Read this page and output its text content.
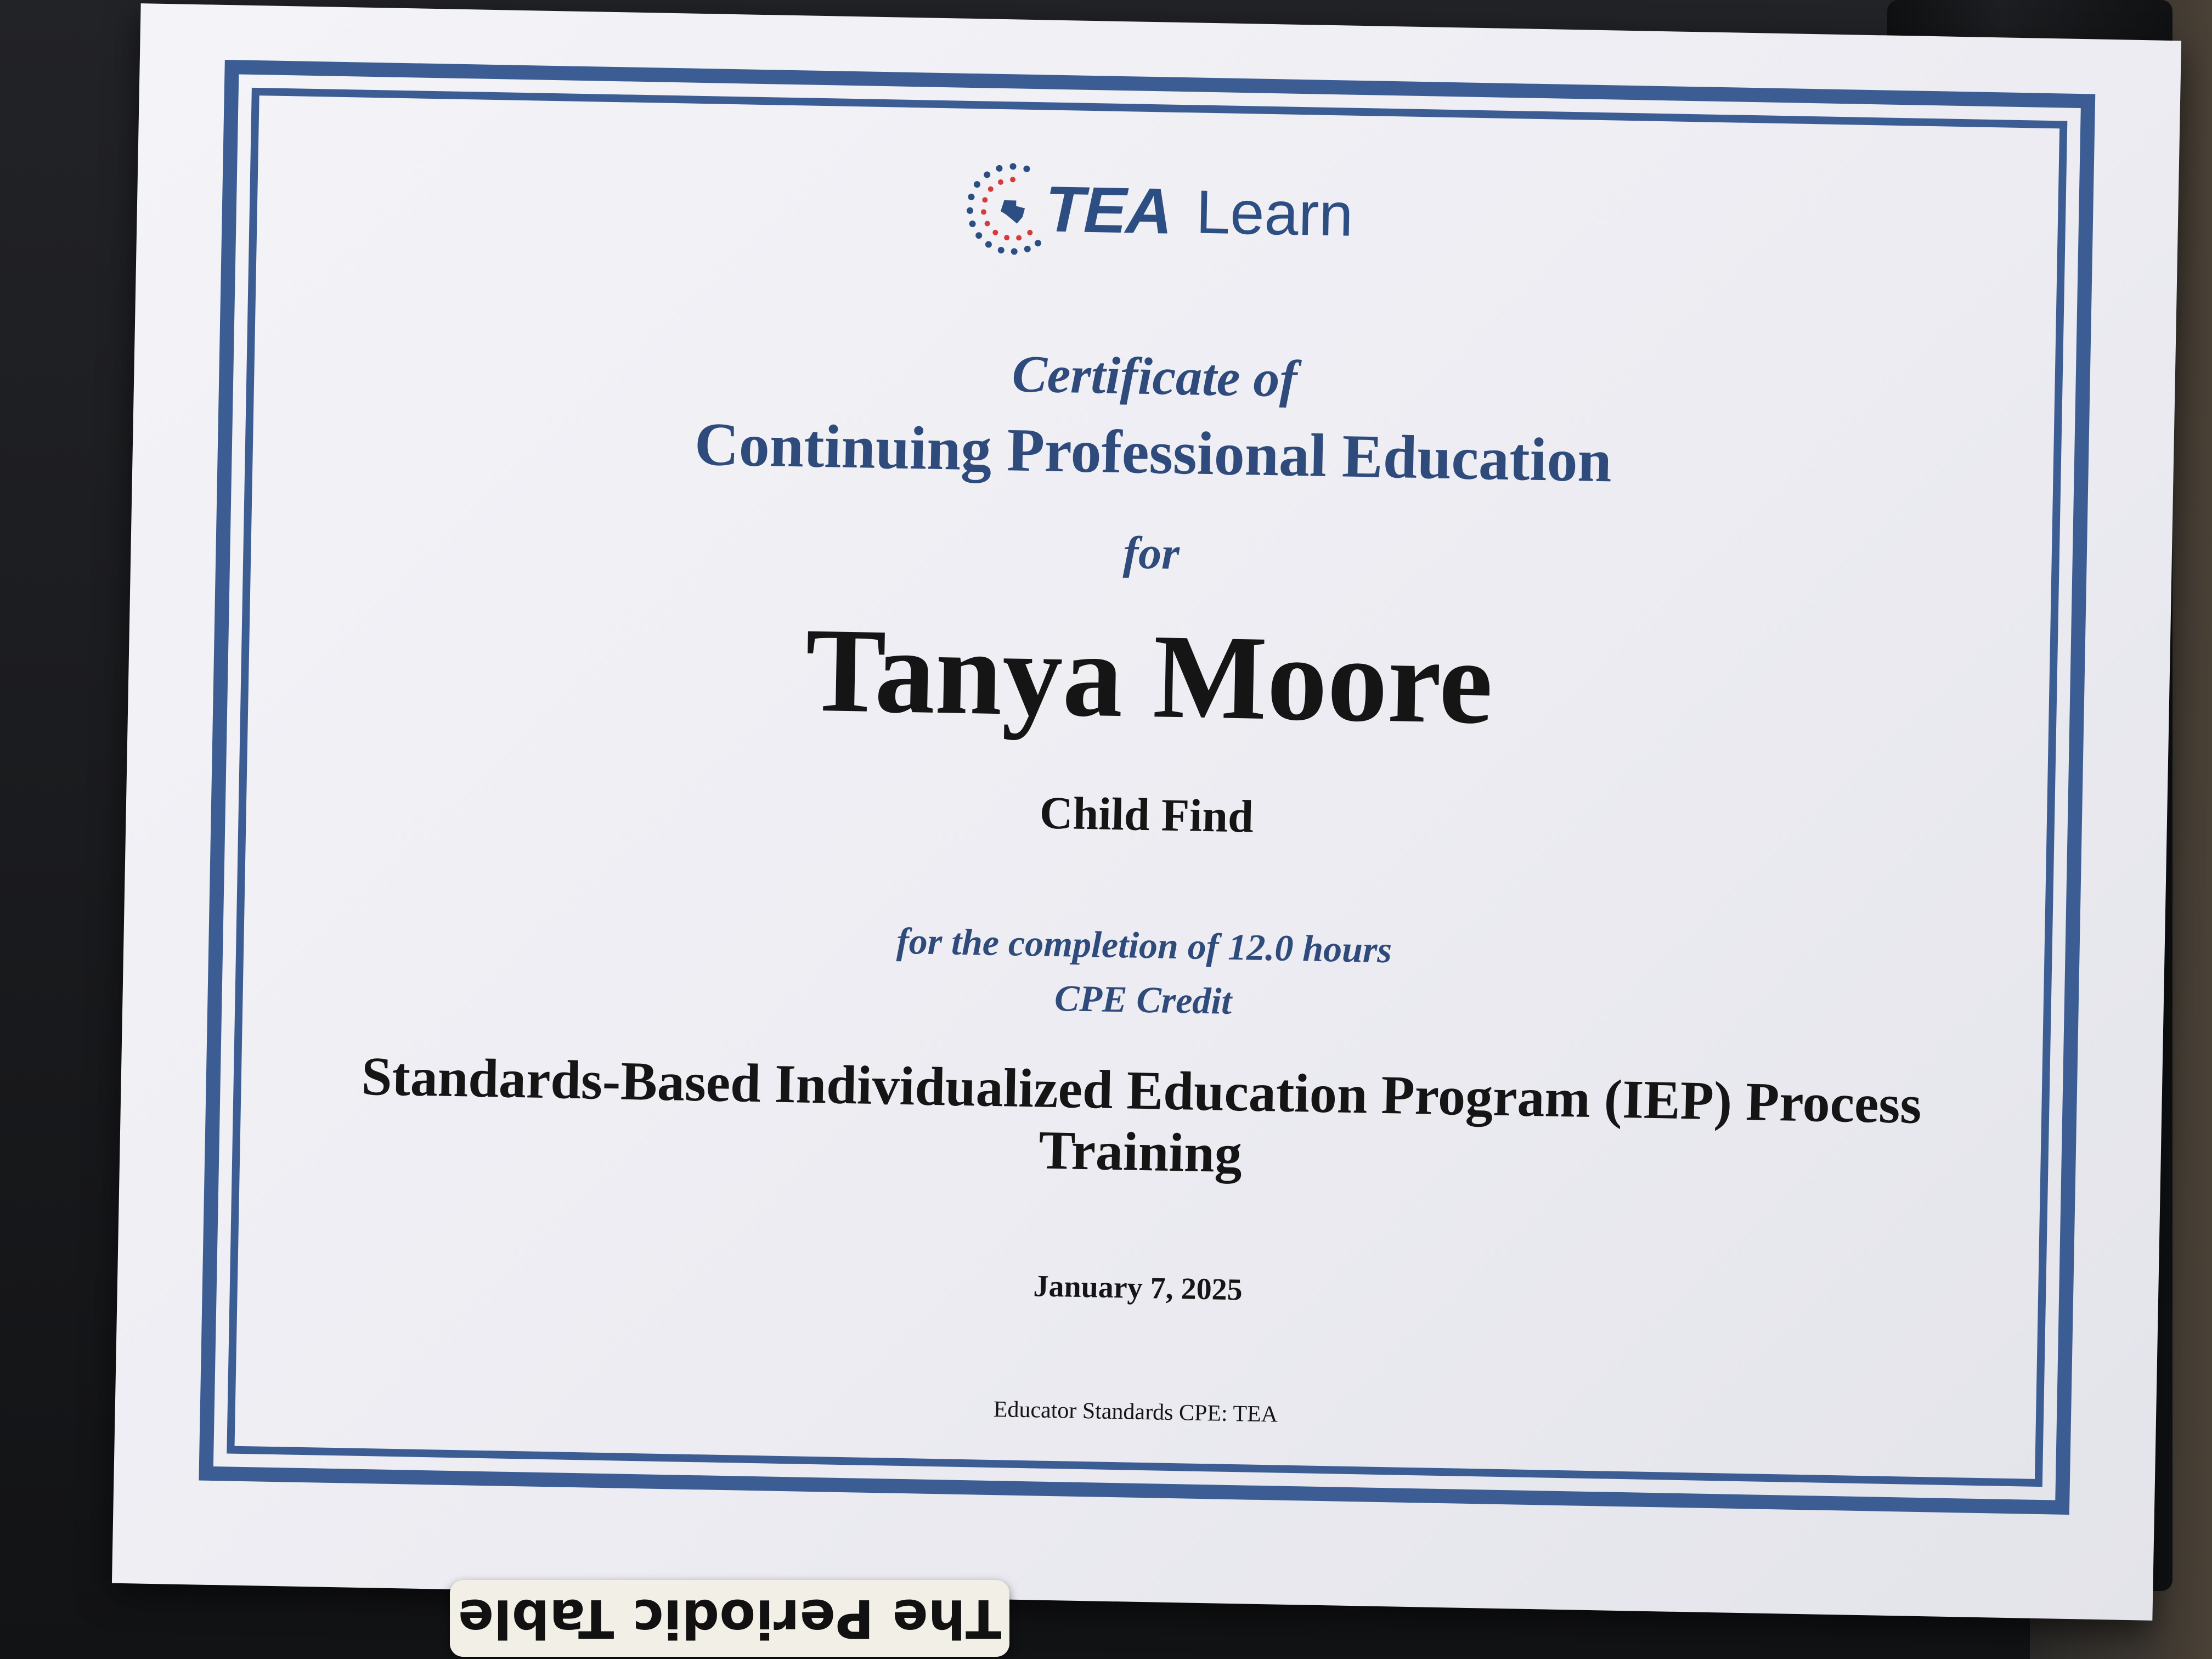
TEA Learn
Certificate of
Continuing Professional Education
for
Tanya Moore
Child Find
for the completion of 12.0 hours
CPE Credit
Standards-Based Individualized Education Program (IEP) Process Training
January 7, 2025
Educator Standards CPE: TEA
The Periodic Table
